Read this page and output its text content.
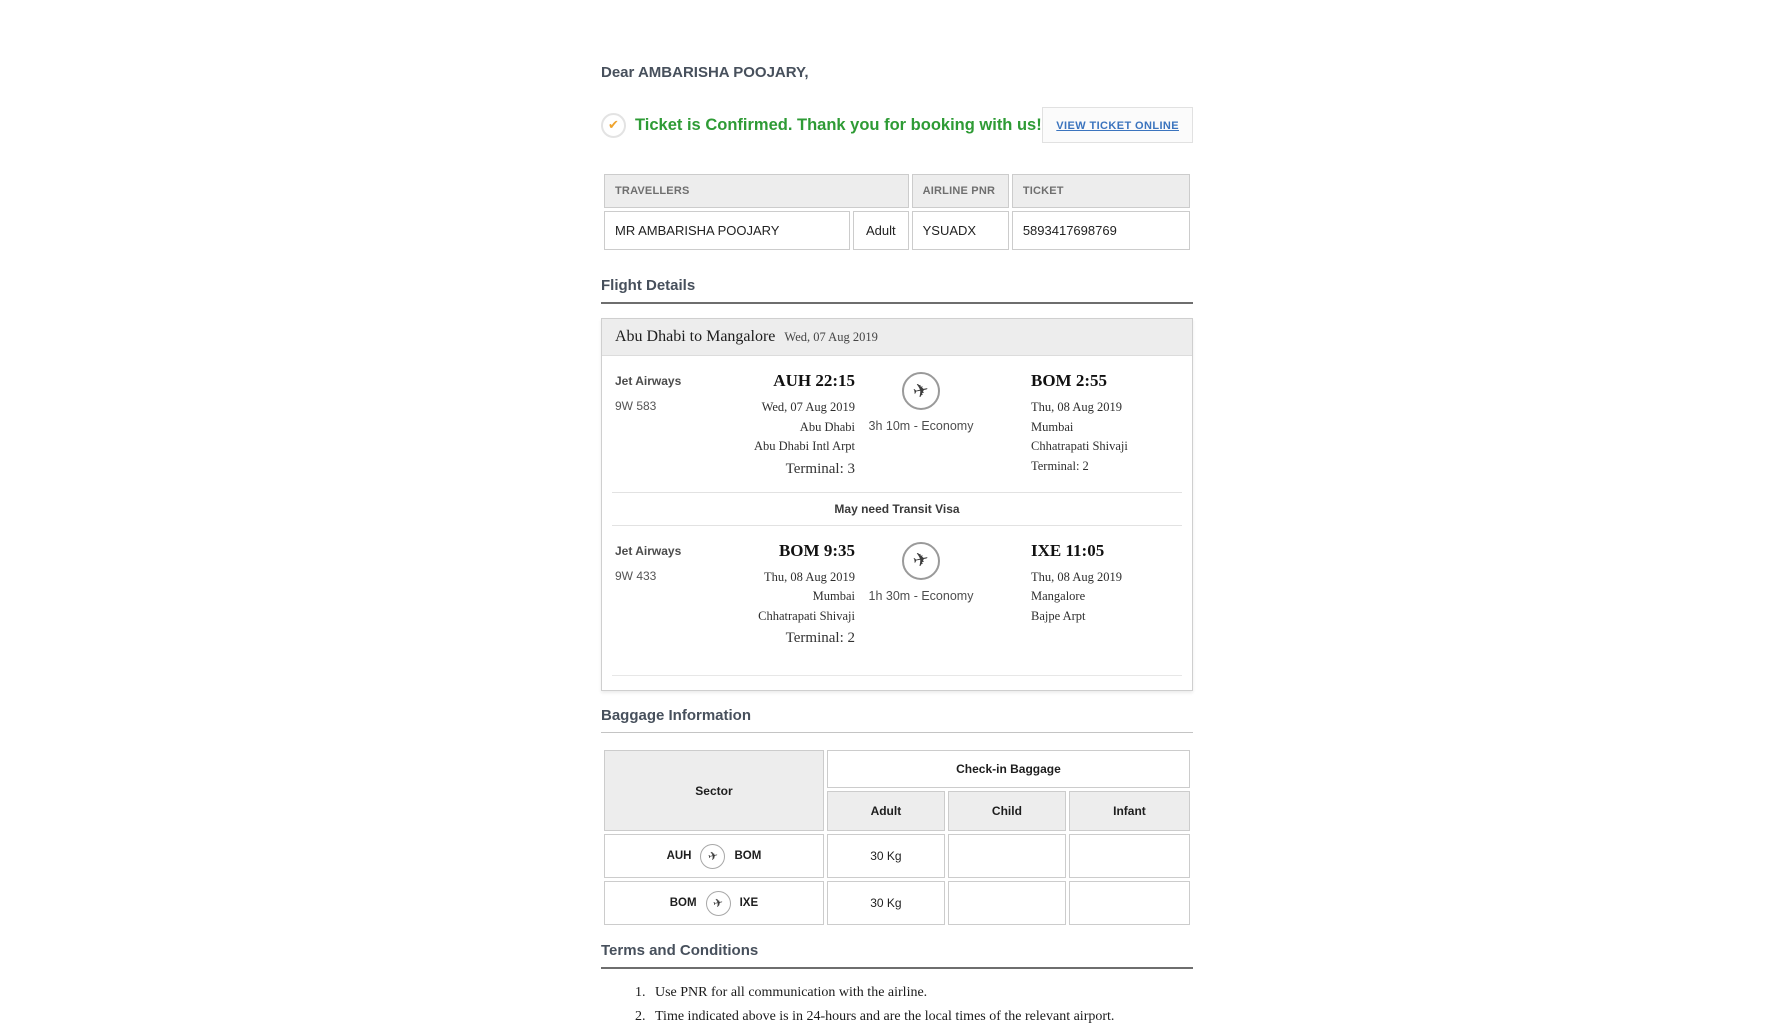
Dear AMBARISHA POOJARY,
✔ Ticket is Confirmed. Thank you for booking with us!	VIEW TICKET ONLINE
TRAVELLERS		AIRLINE PNR	TICKET
MR AMBARISHA POOJARY	Adult	YSUADX	5893417698769
Flight Details
Abu Dhabi to Mangalore Wed, 07 Aug 2019
Jet Airways
9W 583
AUH 22:15
Wed, 07 Aug 2019
Abu Dhabi
Abu Dhabi Intl Arpt
Terminal: 3
✈
3h 10m - Economy
BOM 2:55
Thu, 08 Aug 2019
Mumbai
Chhatrapati Shivaji
Terminal: 2
May need Transit Visa
Jet Airways
9W 433
BOM 9:35
Thu, 08 Aug 2019
Mumbai
Chhatrapati Shivaji
Terminal: 2
✈
1h 30m - Economy
IXE 11:05
Thu, 08 Aug 2019
Mangalore
Bajpe Arpt
Baggage Information
Sector	Check-in Baggage		
	Adult	Child	Infant

AUH ✈ BOM	30 Kg		

BOM ✈ IXE	30 Kg		
Terms and Conditions
1. Use PNR for all communication with the airline.
2. Time indicated above is in 24-hours and are the local times of the relevant airport.
